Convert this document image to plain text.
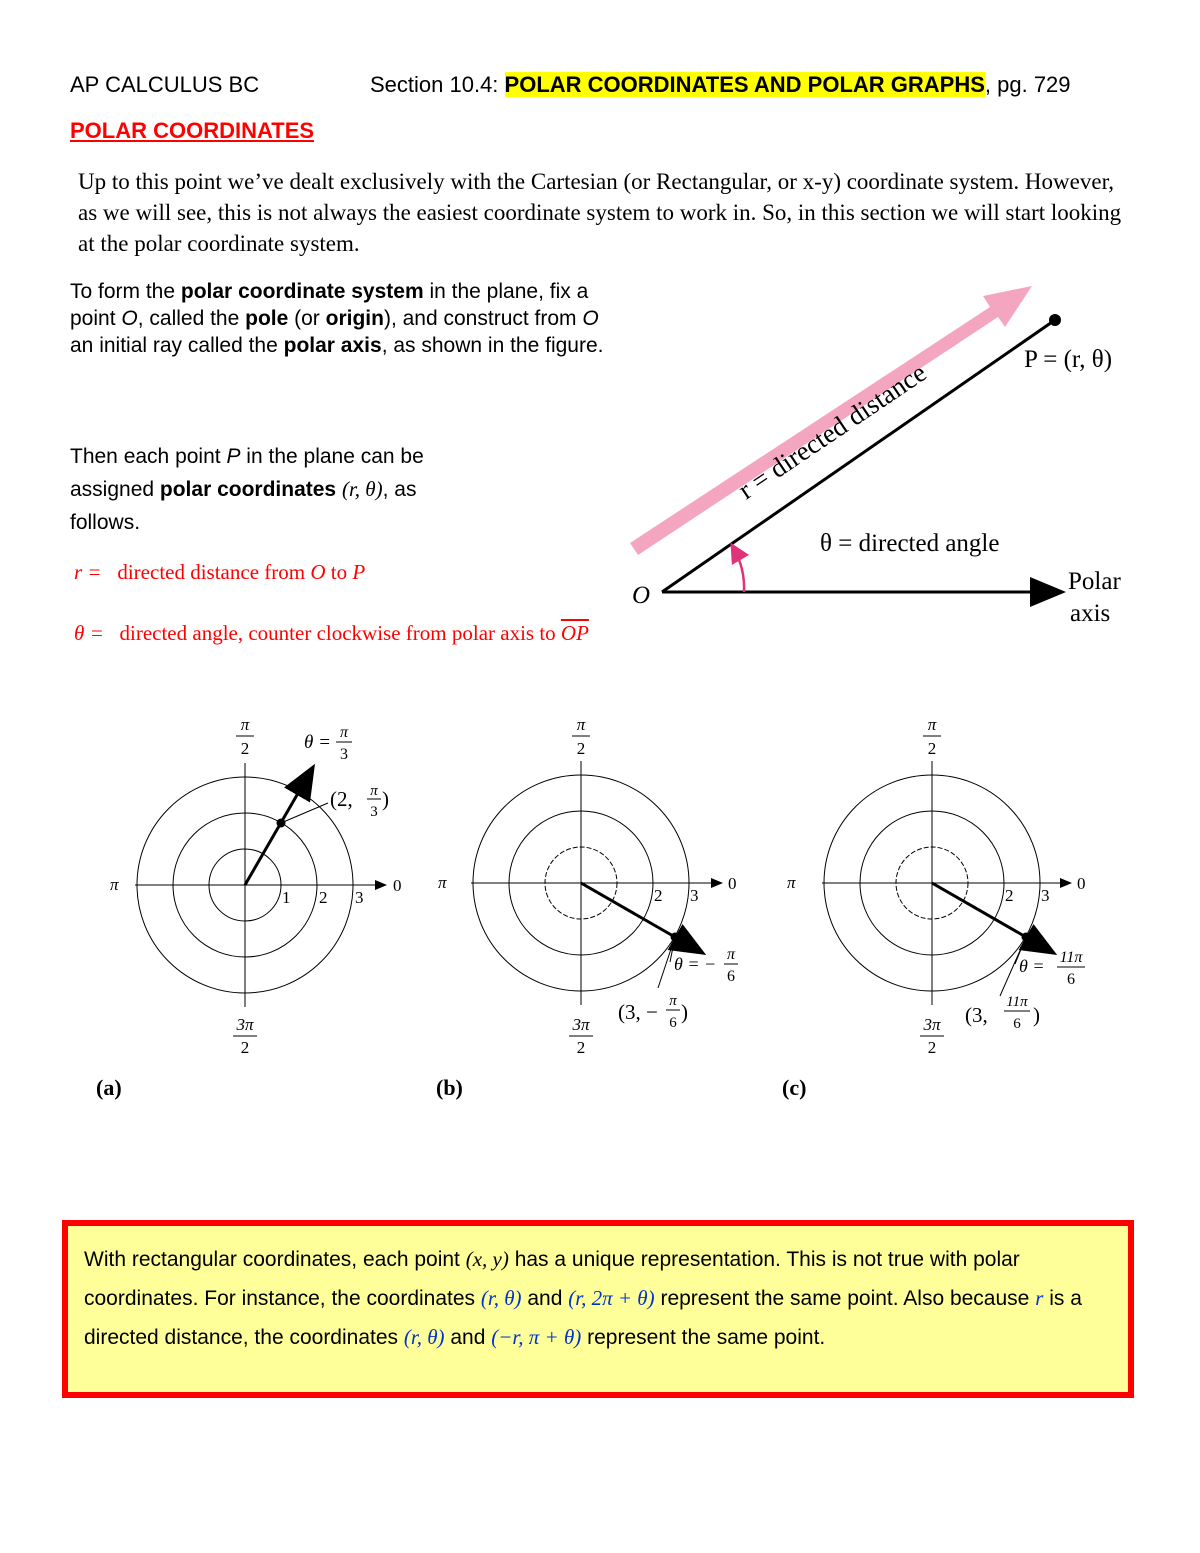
AP CALCULUS BC	Section 10.4: POLAR COORDINATES AND POLAR GRAPHS, pg. 729
POLAR COORDINATES
Up to this point we’ve dealt exclusively with the Cartesian (or Rectangular, or x-y) coordinate system. However, as we will see, this is not always the easiest coordinate system to work in. So, in this section we will start looking at the polar coordinate system.
To form the polar coordinate system in the plane, fix a point O, called the pole (or origin), and construct from O an initial ray called the polar axis, as shown in the figure.
Then each point P in the plane can be assigned polar coordinates (r, θ), as follows.
r = directed distance from O to P
θ = directed angle, counter clockwise from polar axis to $\overline{OP}$
P = (r, θ)
r = directed distance
θ = directed angle
O
Polar
axis
π
2
π	0
3π
2
1 2 3
θ = π
3
(2, π
3
)
π
2
π	0
3π
2
2 3
θ = − π
6
(3, − π
6 )
π
2
π	0
3π
2
2 3
θ = 11π
6
(3,
11π
6 )
(a)	(b)	(c)
With rectangular coordinates, each point (x, y) has a unique representation. This is not true with polar coordinates. For instance, the coordinates (r, θ) and (r, 2π + θ) represent the same point. Also because r is a directed distance, the coordinates (r, θ) and (−r, π + θ) represent the same point.
